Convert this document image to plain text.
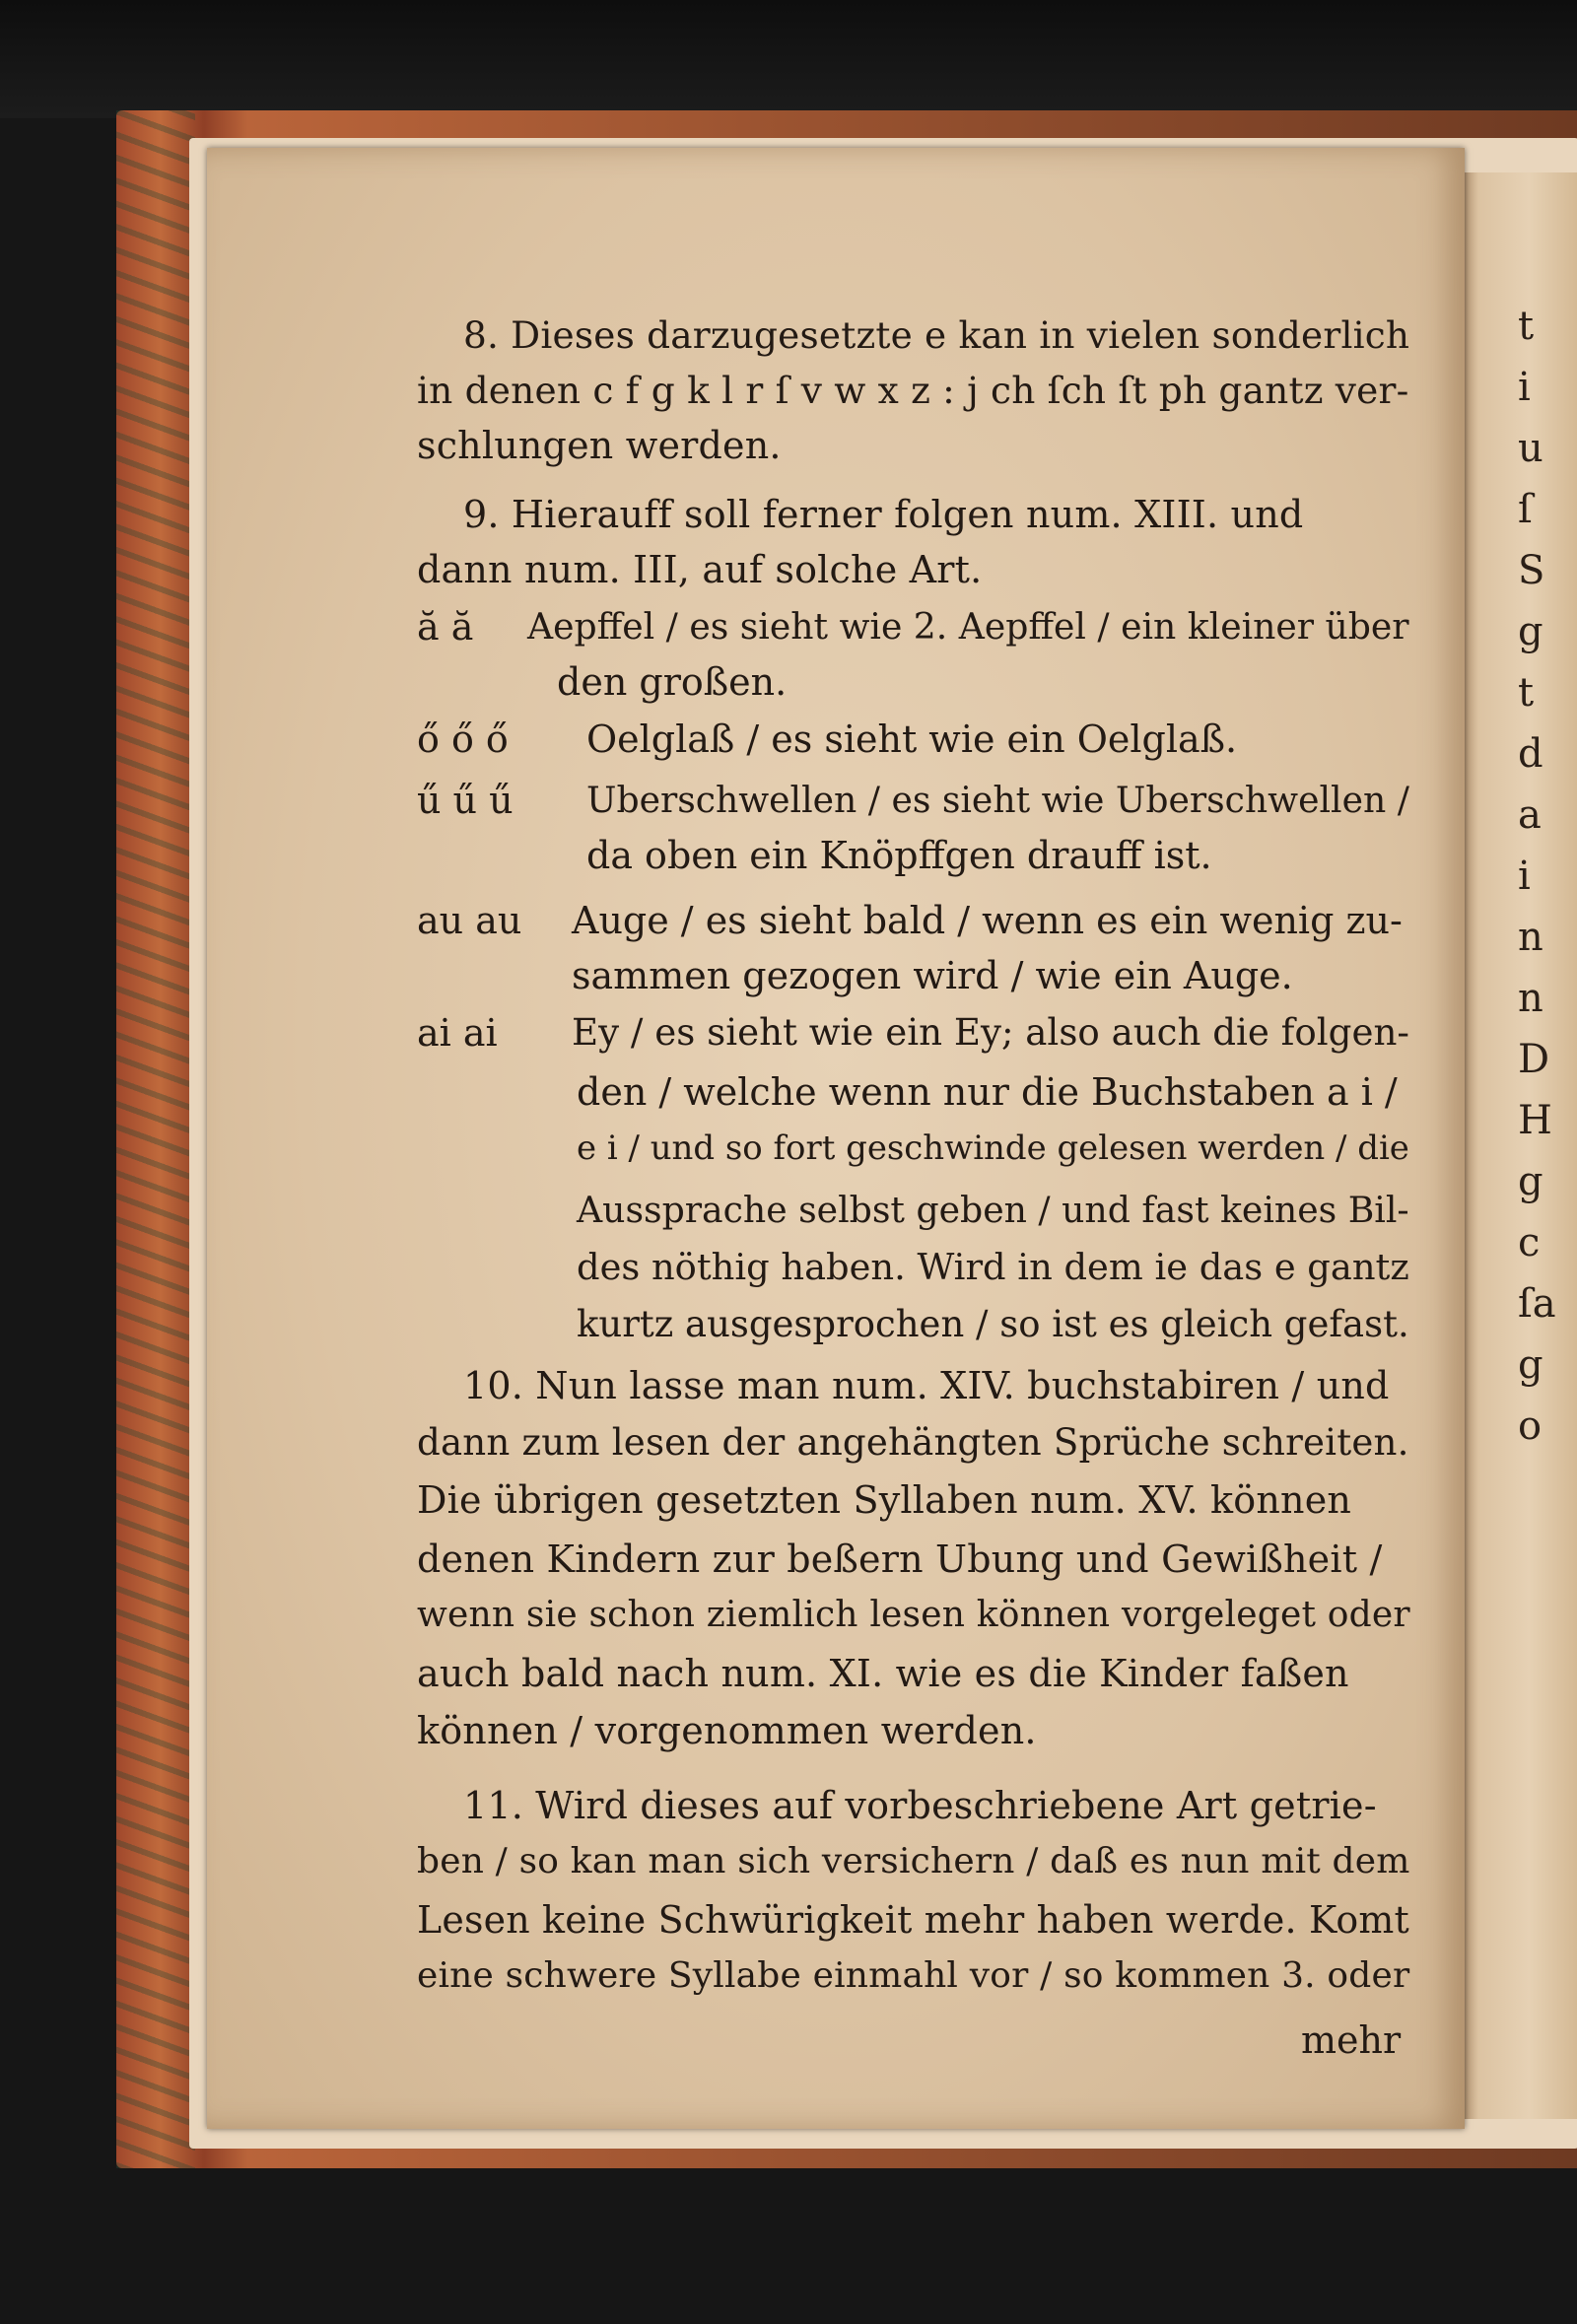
t
i
u
ſ
S
g
t
d
a
i
n
n
D
H
g
c
ſa
g
o
8. Dieses darzugesetzte e kan in vielen sonderlich
in denen c f g k l r ſ v w x z : j ch ſch ſt ph gantz ver-
schlungen werden.
9. Hierauff soll ferner folgen num. XIII. und
dann num. III, auf solche Art.
ӑ ӑ Aepffel / es sieht wie 2. Aepffel / ein kleiner über
den großen.
ő ő ő Oelglaß / es sieht wie ein Oelglaß.
ű ű ű Uberschwellen / es sieht wie Uberschwellen /
da oben ein Knöpffgen drauff ist.
au au Auge / es sieht bald / wenn es ein wenig zu-
sammen gezogen wird / wie ein Auge.
ai ai Ey / es sieht wie ein Ey; also auch die folgen-
den / welche wenn nur die Buchstaben a i /
e i / und so fort geschwinde gelesen werden / die
Aussprache selbst geben / und fast keines Bil-
des nöthig haben. Wird in dem ie das e gantz
kurtz ausgesprochen / so ist es gleich gefast.
10. Nun lasse man num. XIV. buchstabiren / und
dann zum lesen der angehängten Sprüche schreiten.
Die übrigen gesetzten Syllaben num. XV. können
denen Kindern zur beßern Ubung und Gewißheit /
wenn sie schon ziemlich lesen können vorgeleget oder
auch bald nach num. XI. wie es die Kinder faßen
können / vorgenommen werden.
11. Wird dieses auf vorbeschriebene Art getrie-
ben / so kan man sich versichern / daß es nun mit dem
Lesen keine Schwürigkeit mehr haben werde. Komt
eine schwere Syllabe einmahl vor / so kommen 3. oder
mehr
